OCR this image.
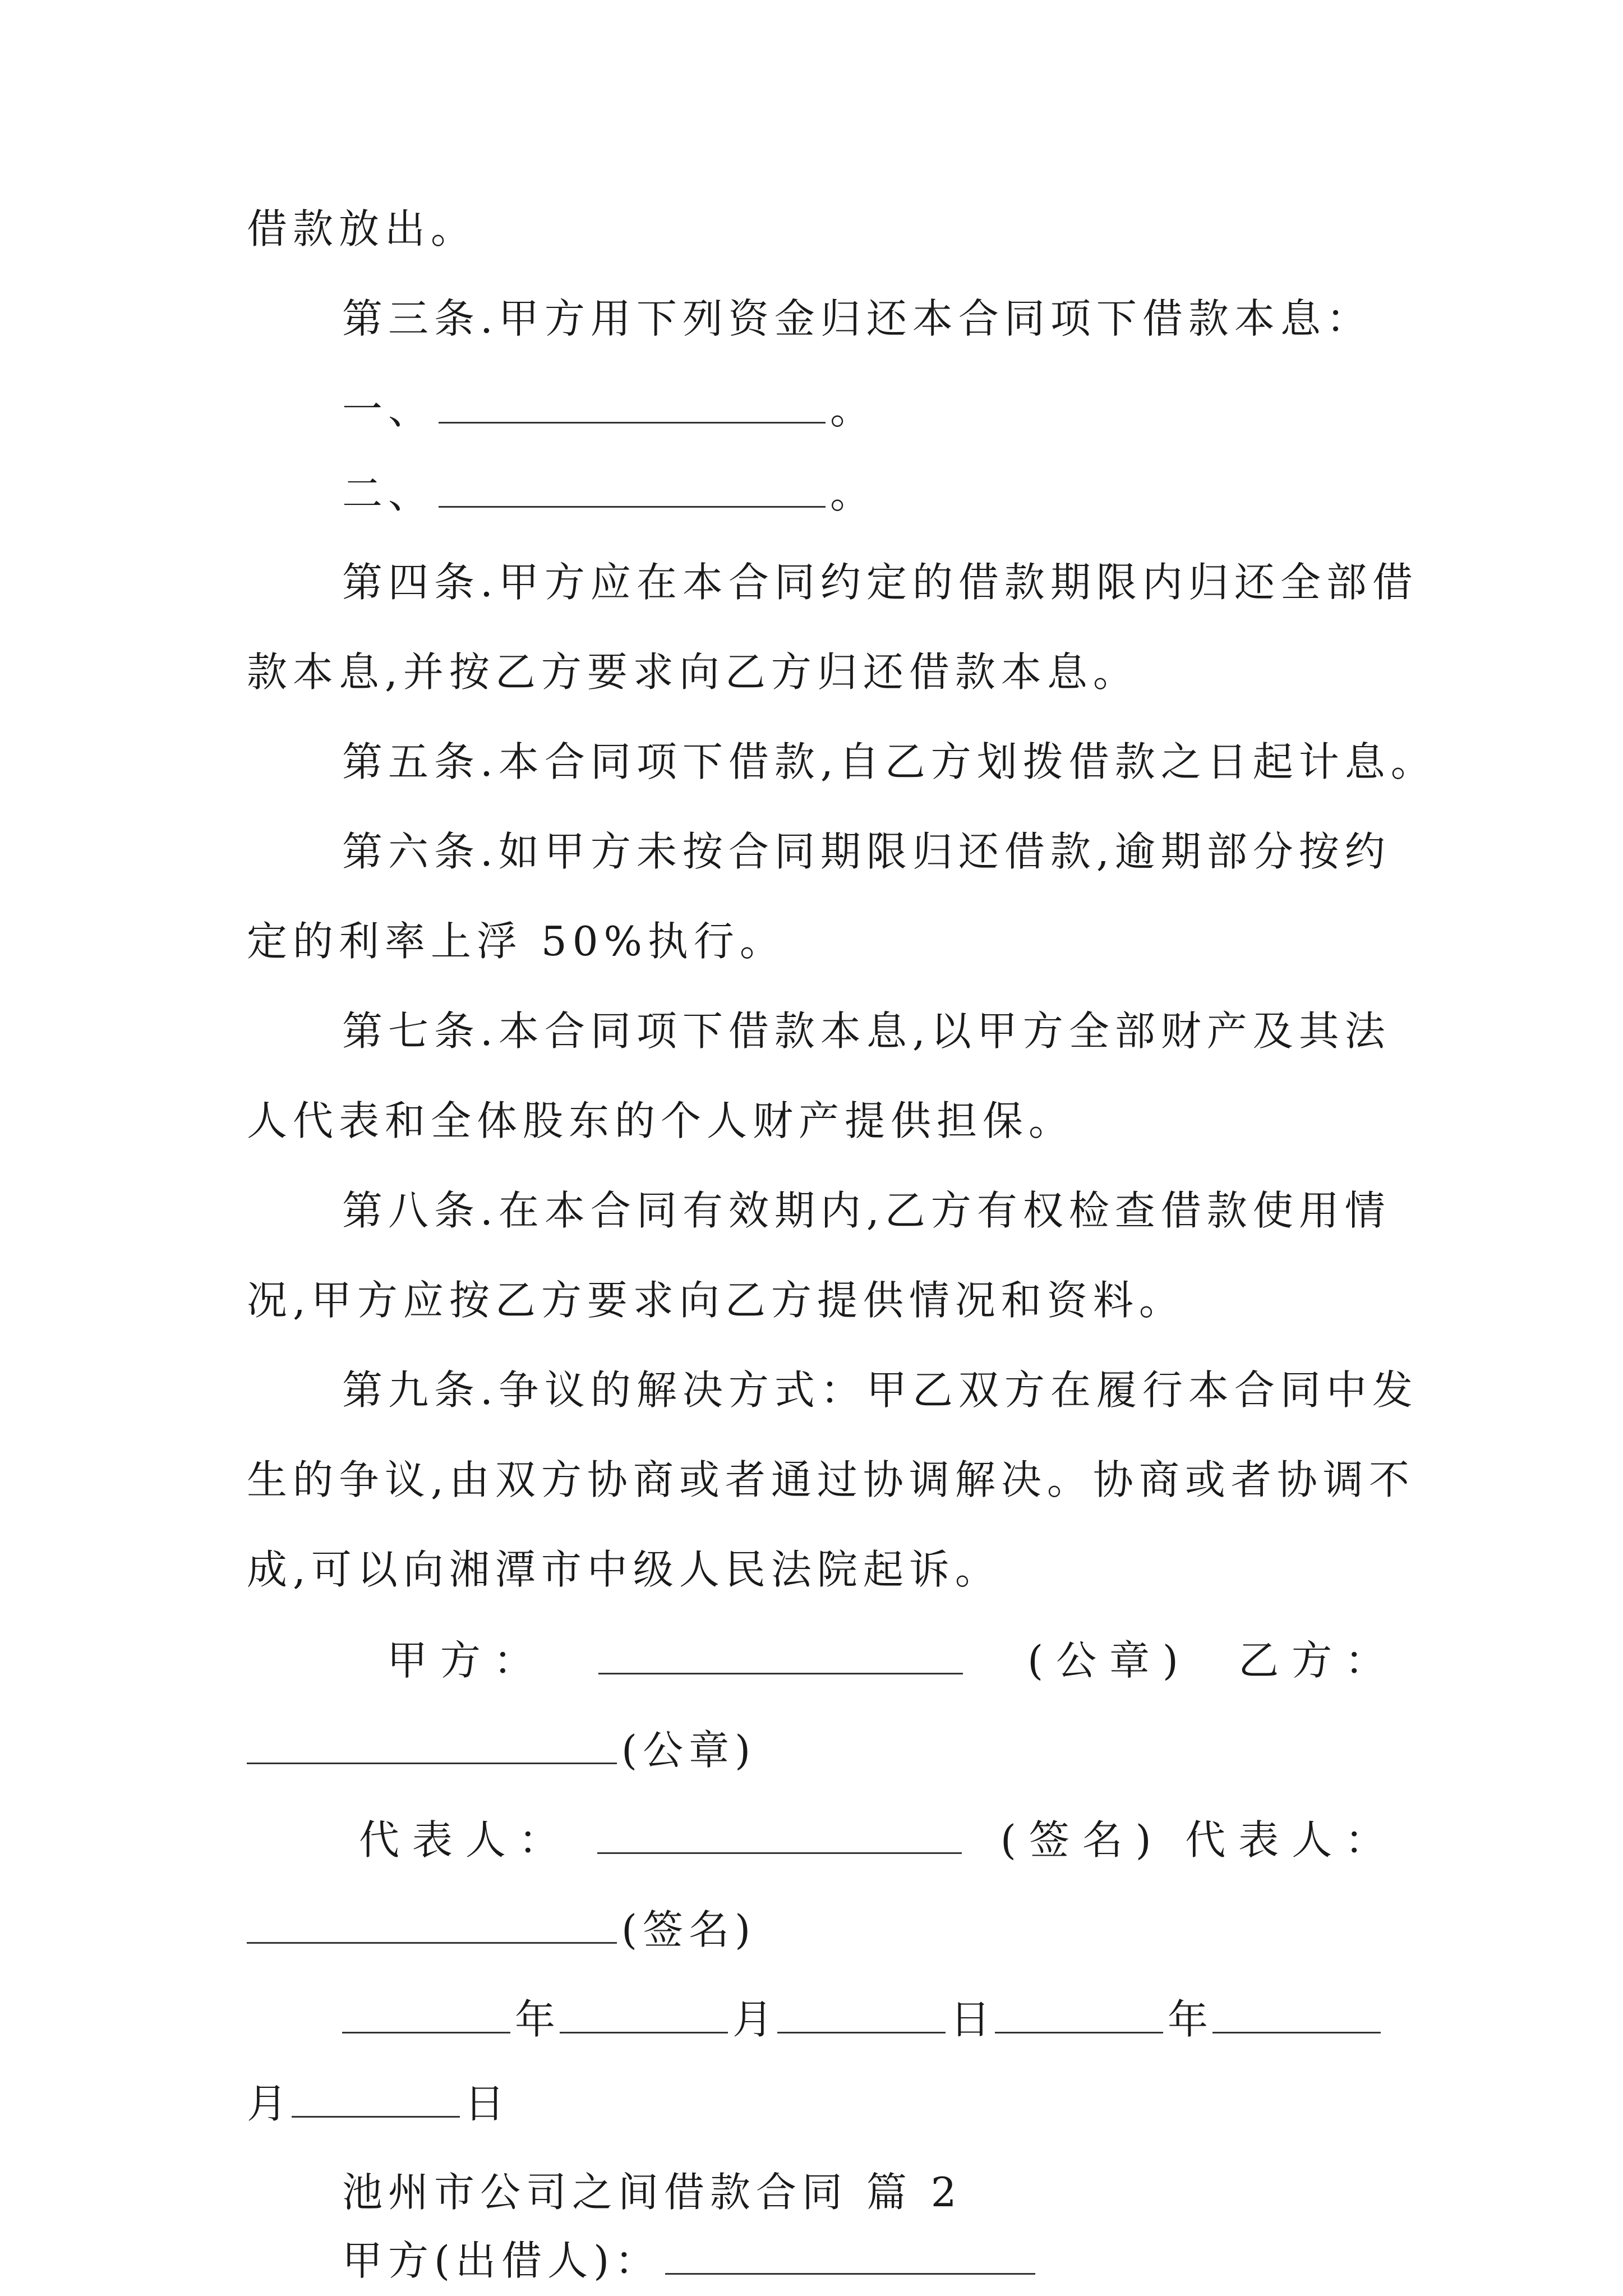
借款放出。
第三条.甲方用下列资金归还本合同项下借款本息：
一、	。
二、	。
第四条.甲方应在本合同约定的借款期限内归还全部借
款本息,并按乙方要求向乙方归还借款本息。
第五条.本合同项下借款,自乙方划拨借款之日起计息。
第六条.如甲方未按合同期限归还借款,逾期部分按约
定的利率上浮 50%执行。
第七条.本合同项下借款本息,以甲方全部财产及其法
人代表和全体股东的个人财产提供担保。
第八条.在本合同有效期内,乙方有权检查借款使用情
况,甲方应按乙方要求向乙方提供情况和资料。
第九条.争议的解决方式：甲乙双方在履行本合同中发
生的争议,由双方协商或者通过协调解决。协商或者协调不
成,可以向湘潭市中级人民法院起诉。
甲 方 ：	( 公 章 ) 乙 方 ：
(公章)
代 表 人 ：	( 签 名 ) 代 表 人 ：
(签名)
年	月	日	年
月	日
池州市公司之间借款合同 篇 2
甲方(出借人)：
